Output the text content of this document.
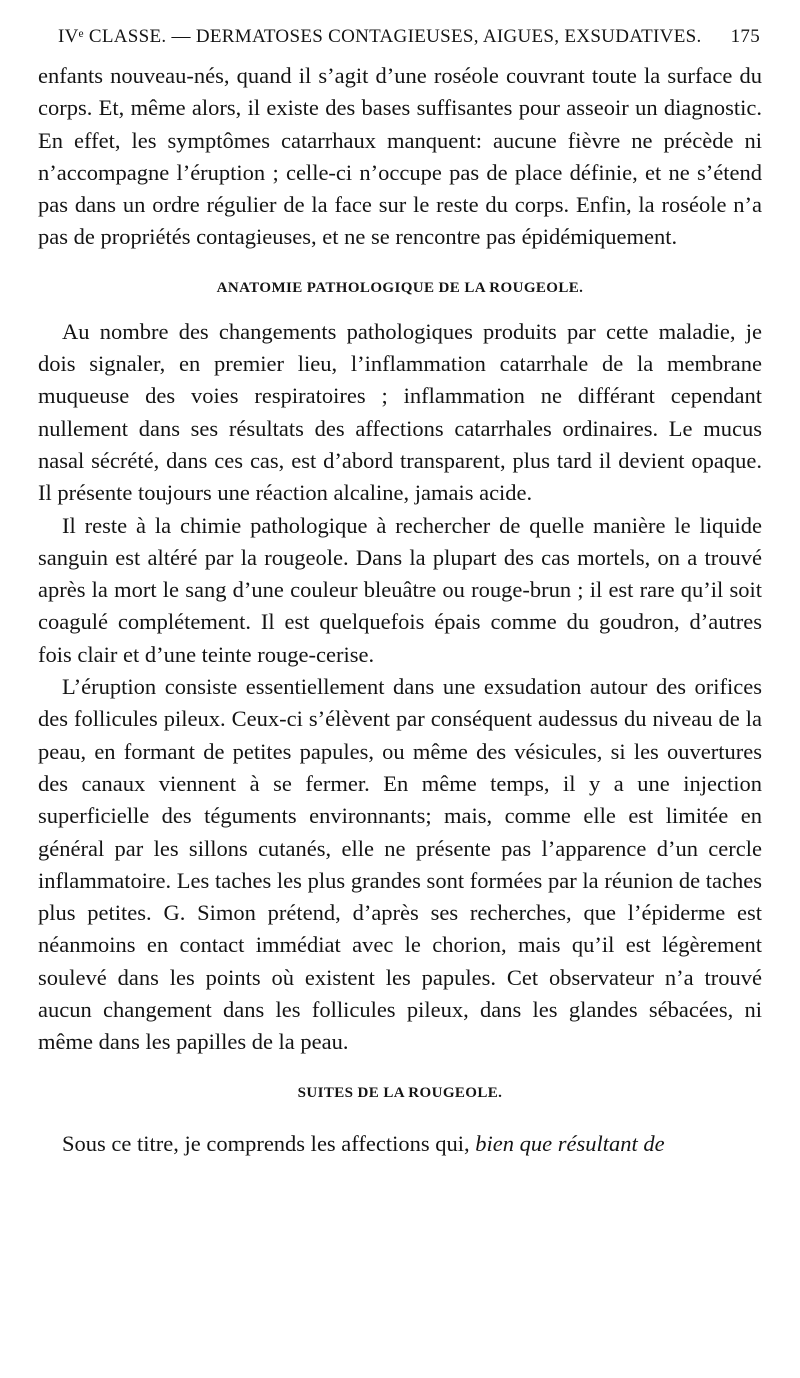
IVᵉ CLASSE. — DERMATOSES CONTAGIEUSES, AIGUES, EXSUDATIVES. 175

enfants nouveau-nés, quand il s’agit d’une roséole couvrant toute la surface du corps. Et, même alors, il existe des bases suffisantes pour asseoir un diagnostic. En effet, les symptômes catarrhaux manquent: aucune fièvre ne précède ni n’accompagne l’éruption ; celle-ci n’occupe pas de place définie, et ne s’étend pas dans un ordre régulier de la face sur le reste du corps. Enfin, la roséole n’a pas de propriétés contagieuses, et ne se rencontre pas épidémiquement.

ANATOMIE PATHOLOGIQUE DE LA ROUGEOLE.

Au nombre des changements pathologiques produits par cette maladie, je dois signaler, en premier lieu, l’inflammation catarrhale de la membrane muqueuse des voies respiratoires ; inflammation ne différant cependant nullement dans ses résultats des affections catarrhales ordinaires. Le mucus nasal sécrété, dans ces cas, est d’abord transparent, plus tard il devient opaque. Il présente toujours une réaction alcaline, jamais acide.

Il reste à la chimie pathologique à rechercher de quelle manière le liquide sanguin est altéré par la rougeole. Dans la plupart des cas mortels, on a trouvé après la mort le sang d’une couleur bleuâtre ou rouge-brun ; il est rare qu’il soit coagulé complétement. Il est quelquefois épais comme du goudron, d’autres fois clair et d’une teinte rouge-cerise.

L’éruption consiste essentiellement dans une exsudation autour des orifices des follicules pileux. Ceux-ci s’élèvent par conséquent audessus du niveau de la peau, en formant de petites papules, ou même des vésicules, si les ouvertures des canaux viennent à se fermer. En même temps, il y a une injection superficielle des téguments environnants; mais, comme elle est limitée en général par les sillons cutanés, elle ne présente pas l’apparence d’un cercle inflammatoire. Les taches les plus grandes sont formées par la réunion de taches plus petites. G. Simon prétend, d’après ses recherches, que l’épiderme est néanmoins en contact immédiat avec le chorion, mais qu’il est légèrement soulevé dans les points où existent les papules. Cet observateur n’a trouvé aucun changement dans les follicules pileux, dans les glandes sébacées, ni même dans les papilles de la peau.

SUITES DE LA ROUGEOLE.

Sous ce titre, je comprends les affections qui, bien que résultant de
